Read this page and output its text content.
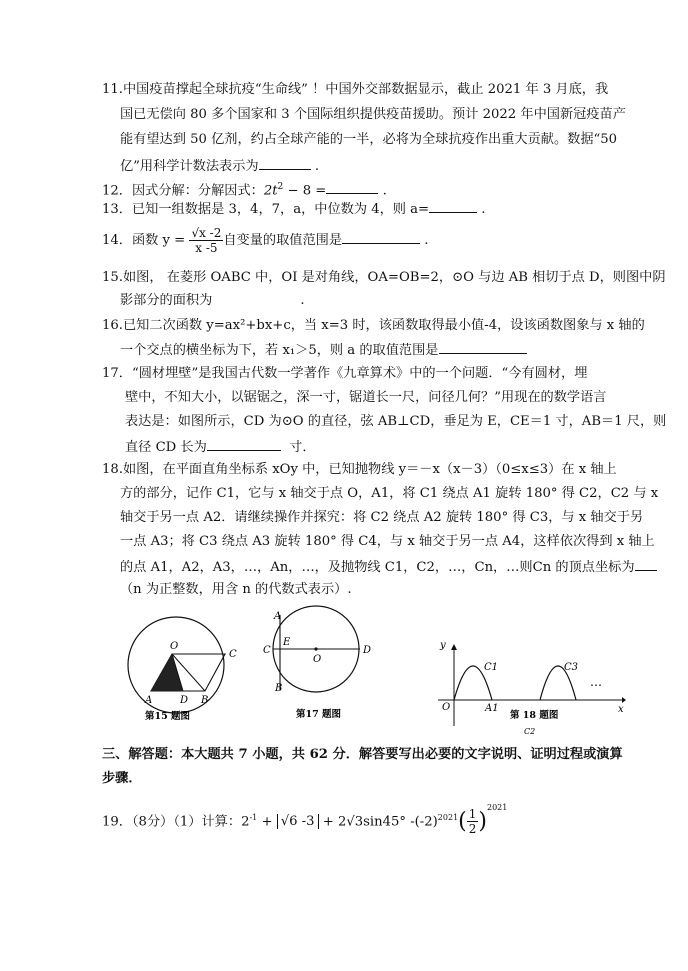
11.中国疫苗撑起全球抗疫“生命线” ！中国外交部数据显示，截止 2021 年 3 月底，我
国已无偿向 80 多个国家和 3 个国际组织提供疫苗援助。预计 2022 年中国新冠疫苗产
能有望达到 50 亿剂，约占全球产能的一半，必将为全球抗疫作出重大贡献。数据“50
亿”用科学计数法表示为	.
12．因式分解：分解因式：$2t^2 - 8$ =	.
13．已知一组数据是 3，4，7，a，中位数为 4，则 a=	.
14．函数 $y = \frac{√x -2}{x -5}$ 自变量的取值范围是	.
15.如图， 在菱形 OABC 中，OI 是对角线，OA=OB=2，⊙O 与边 AB 相切于点 D，则图中阴
影部分的面积为	.
16.已知二次函数 y=ax²+bx+c，当 x=3 时，该函数取得最小值-4，设该函数图象与 x 轴的
一个交点的横坐标为下，若 x₁＞5，则 a 的取值范围是
17．“圆材埋壁”是我国古代数一学著作《九章算术》中的一个问题．“今有圆材，埋
壁中，不知大小，以锯锯之，深一寸，锯道长一尺，问径几何？”用现在的数学语言
表达是：如图所示，CD 为⊙O 的直径，弦 AB⊥CD，垂足为 E，CE＝1 寸，AB＝1 尺，则
直径 CD 长为	寸．
18.如图，在平面直角坐标系 xOy 中，已知抛物线 y＝－x（x－3）（0≤x≤3）在 x 轴上
方的部分，记作 C1，它与 x 轴交于点 O，A1，将 C1 绕点 A1 旋转 180° 得 C2，C2 与 x
轴交于另一点 A2．请继续操作并探究：将 C2 绕点 A2 旋转 180° 得 C3，与 x 轴交于另
一点 A3；将 C3 绕点 A3 旋转 180° 得 C4，与 x 轴交于另一点 A4，这样依次得到 x 轴上
的点 A1，A2，A3，…，An，…，及抛物线 C1，C2，…，Cn，…则Cn 的顶点坐标为
（n 为正整数，用含 n 的代数式表示）.
O
C
A	D B
第15 题图
A
E
C
O
D
B
第17 题图
y
C1	C3
O	A1	x
…
C2
第 18 题图
三、解答题：本大题共 7 小题，共 62 分．解答要写出必要的文字说明、证明过程或演算
步骤．
19．（8分）（1）计算：$2^{-1} + √6$ -3 + 2√3sin45° $-(-2)^{2021}( \frac{1}{2} )^{2021}$
